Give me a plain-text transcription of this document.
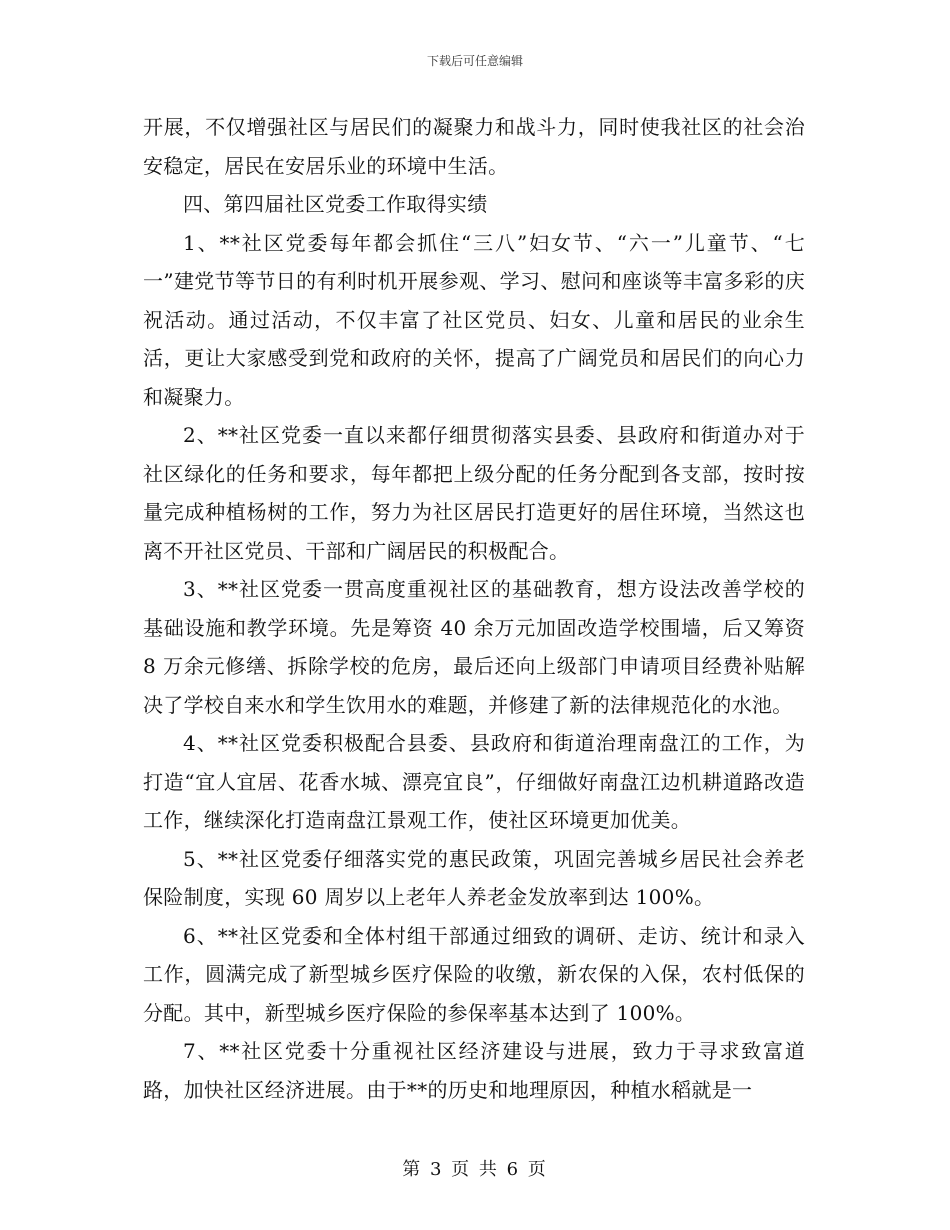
下载后可任意编辑

开展，不仅增强社区与居民们的凝聚力和战斗力，同时使我社区的社会治安稳定，居民在安居乐业的环境中生活。

四、第四届社区党委工作取得实绩

1、**社区党委每年都会抓住“三八”妇女节、“六一”儿童节、“七一”建党节等节日的有利时机开展参观、学习、慰问和座谈等丰富多彩的庆祝活动。通过活动，不仅丰富了社区党员、妇女、儿童和居民的业余生活，更让大家感受到党和政府的关怀，提高了广阔党员和居民们的向心力和凝聚力。

2、**社区党委一直以来都仔细贯彻落实县委、县政府和街道办对于社区绿化的任务和要求，每年都把上级分配的任务分配到各支部，按时按量完成种植杨树的工作，努力为社区居民打造更好的居住环境，当然这也离不开社区党员、干部和广阔居民的积极配合。

3、**社区党委一贯高度重视社区的基础教育，想方设法改善学校的基础设施和教学环境。先是筹资 40 余万元加固改造学校围墙，后又筹资 8 万余元修缮、拆除学校的危房，最后还向上级部门申请项目经费补贴解决了学校自来水和学生饮用水的难题，并修建了新的法律规范化的水池。

4、**社区党委积极配合县委、县政府和街道治理南盘江的工作，为打造“宜人宜居、花香水城、漂亮宜良”，仔细做好南盘江边机耕道路改造工作，继续深化打造南盘江景观工作，使社区环境更加优美。

5、**社区党委仔细落实党的惠民政策，巩固完善城乡居民社会养老保险制度，实现 60 周岁以上老年人养老金发放率到达 100%。

6、**社区党委和全体村组干部通过细致的调研、走访、统计和录入工作，圆满完成了新型城乡医疗保险的收缴，新农保的入保，农村低保的分配。其中，新型城乡医疗保险的参保率基本达到了 100%。

7、**社区党委十分重视社区经济建设与进展，致力于寻求致富道路，加快社区经济进展。由于**的历史和地理原因，种植水稻就是一

第 3 页 共 6 页
